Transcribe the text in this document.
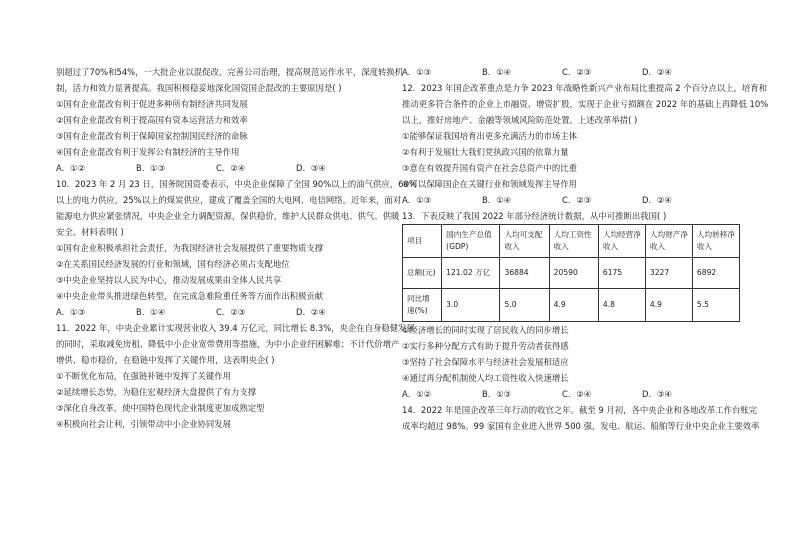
别超过了70%和54%，一大批企业以混促改，完善公司治理，提高规范运作水平，深度转换机
制，活力和效力显著提高。我国积极稳妥地深化国资国企混改的主要原因是( )
①国有企业混改有利于促进多种所有制经济共同发展
②国有企业混改有利于提高国有资本运营活力和效率
③国有企业混改有利于保障国家控制国民经济的命脉
④国有企业混改有利于发挥公有制经济的主导作用
A．①②	B．①③	C．②④	D．③④
10．2023 年 2 月 23 日，国务院国资委表示，中央企业保障了全国 90%以上的油气供应，60%
以上的电力供应，25%以上的煤炭供应，建成了覆盖全国的大电网、电信网络。近年来，面对
能源电力供应紧张情况，中央企业全力调配资源，保供稳价，维护人民群众供电、供气、供暖
安全。材料表明( )
①国有企业积极承担社会责任，为我国经济社会发展提供了重要物质支撑
②在关系国民经济发展的行业和领域，国有经济必须占支配地位
③中央企业坚持以人民为中心，推动发展成果由全体人民共享
④中央企业带头推进绿色转型，在完成急难险重任务等方面作出积极贡献
A．①③	B．①④	C．②③	D．②④
11．2022 年，中央企业累计实现营业收入 39.4 万亿元，同比增长 8.3%，央企在自身稳健发展
的同时，采取减免房租、降低中小企业宽带费用等措施，为中小企业纾困解难；不计代价增产
增供、稳市稳价，在稳链中发挥了关键作用，这表明央企( )
①不断优化布局，在强链补链中发挥了关键作用
②延续增长态势，为稳住宏观经济大盘提供了有力支撑
③深化自身改革，使中国特色现代企业制度更加成熟定型
④积极向社会让利，引领带动中小企业协同发展
A．①③	B．①④	C．②③	D．②④
12．2023 年国企改革重点是力争 2023 年战略性新兴产业布局比重提高 2 个百分点以上，培育和
推动更多符合条件的企业上市融资、增资扩股，实现于企业亏损额在 2022 年的基础上再降低 10%
以上，推好房地产、金融等领域风险防范处置。上述改革举措( )
①能够保证我国培育出更多充满活力的市场主体
②有利于发展壮大我们党执政兴国的依靠力量
③意在有效提升国有资产在社会总资产中的比重
④可以保障国企在关键行业和领域发挥主导作用
A．①③	B．①④	C．②③	D．②④
13．下表反映了我国 2022 年部分经济统计数据，从中可推断出我国( )
项目	国内生产总值(GDP)	人均可支配收入	人均工资性收入	人均经营净收入	人均财产净收入	人均转移净收入
总额(元)	121.02 万亿	36884	20590	6175	3227	6892
同比增速(%)	3.0	5.0	4.9	4.8	4.9	5.5
①经济增长的同时实现了居民收入的同步增长
②实行多种分配方式有助于提升劳动者获得感
③坚持了社会保障水平与经济社会发展相适应
④通过再分配机制使人均工资性收入快速增长
A．①②	B．①③	C．②④	D．③④
14．2022 年是国企改革三年行动的收官之年。截至 9 月初，各中央企业和各地改革工作台账完
成率均超过 98%。99 家国有企业进入世界 500 强，发电、航运、船舶等行业中央企业主要效率
